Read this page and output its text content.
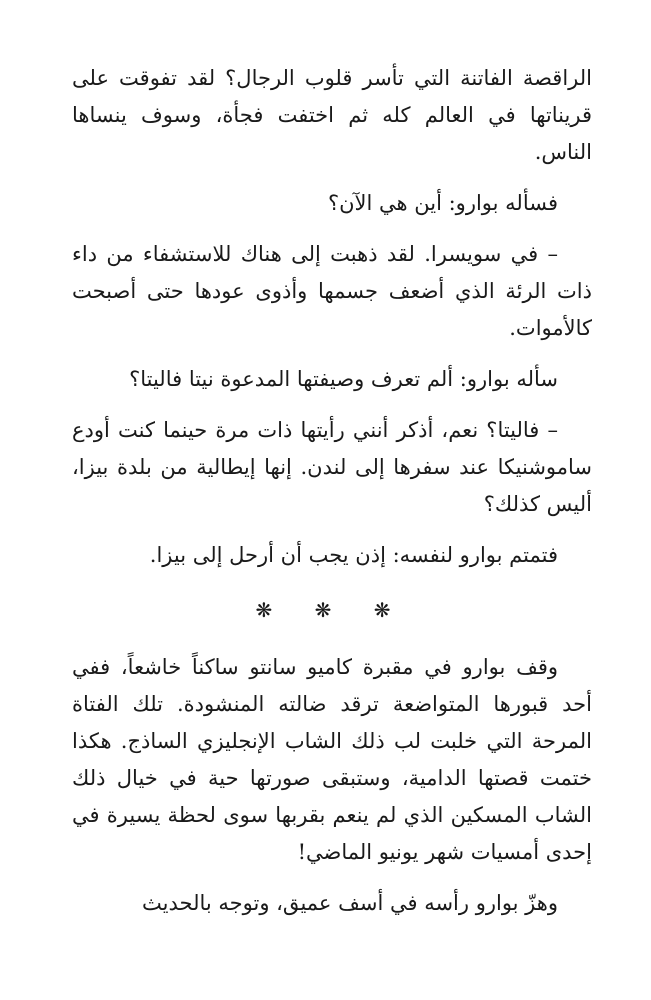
الراقصة الفاتنة التي تأسر قلوب الرجال؟ لقد تفوقت على قريناتها في العالم كله ثم اختفت فجأة، وسوف ينساها الناس.

فسأله بوارو: أين هي الآن؟

– في سويسرا. لقد ذهبت إلى هناك للاستشفاء من داء ذات الرئة الذي أضعف جسمها وأذوى عودها حتى أصبحت كالأموات.

سأله بوارو: ألم تعرف وصيفتها المدعوة نيتا فاليتا؟

– فاليتا؟ نعم، أذكر أنني رأيتها ذات مرة حينما كنت أودع ساموشنيكا عند سفرها إلى لندن. إنها إيطالية من بلدة بيزا، أليس كذلك؟

فتمتم بوارو لنفسه: إذن يجب أن أرحل إلى بيزا.

❋ ❋ ❋

وقف بوارو في مقبرة كاميو سانتو ساكناً خاشعاً، ففي أحد قبورها المتواضعة ترقد ضالته المنشودة. تلك الفتاة المرحة التي خلبت لب ذلك الشاب الإنجليزي الساذج. هكذا ختمت قصتها الدامية، وستبقى صورتها حية في خيال ذلك الشاب المسكين الذي لم ينعم بقربها سوى لحظة يسيرة في إحدى أمسيات شهر يونيو الماضي!

وهزّ بوارو رأسه في أسف عميق، وتوجه بالحديث
